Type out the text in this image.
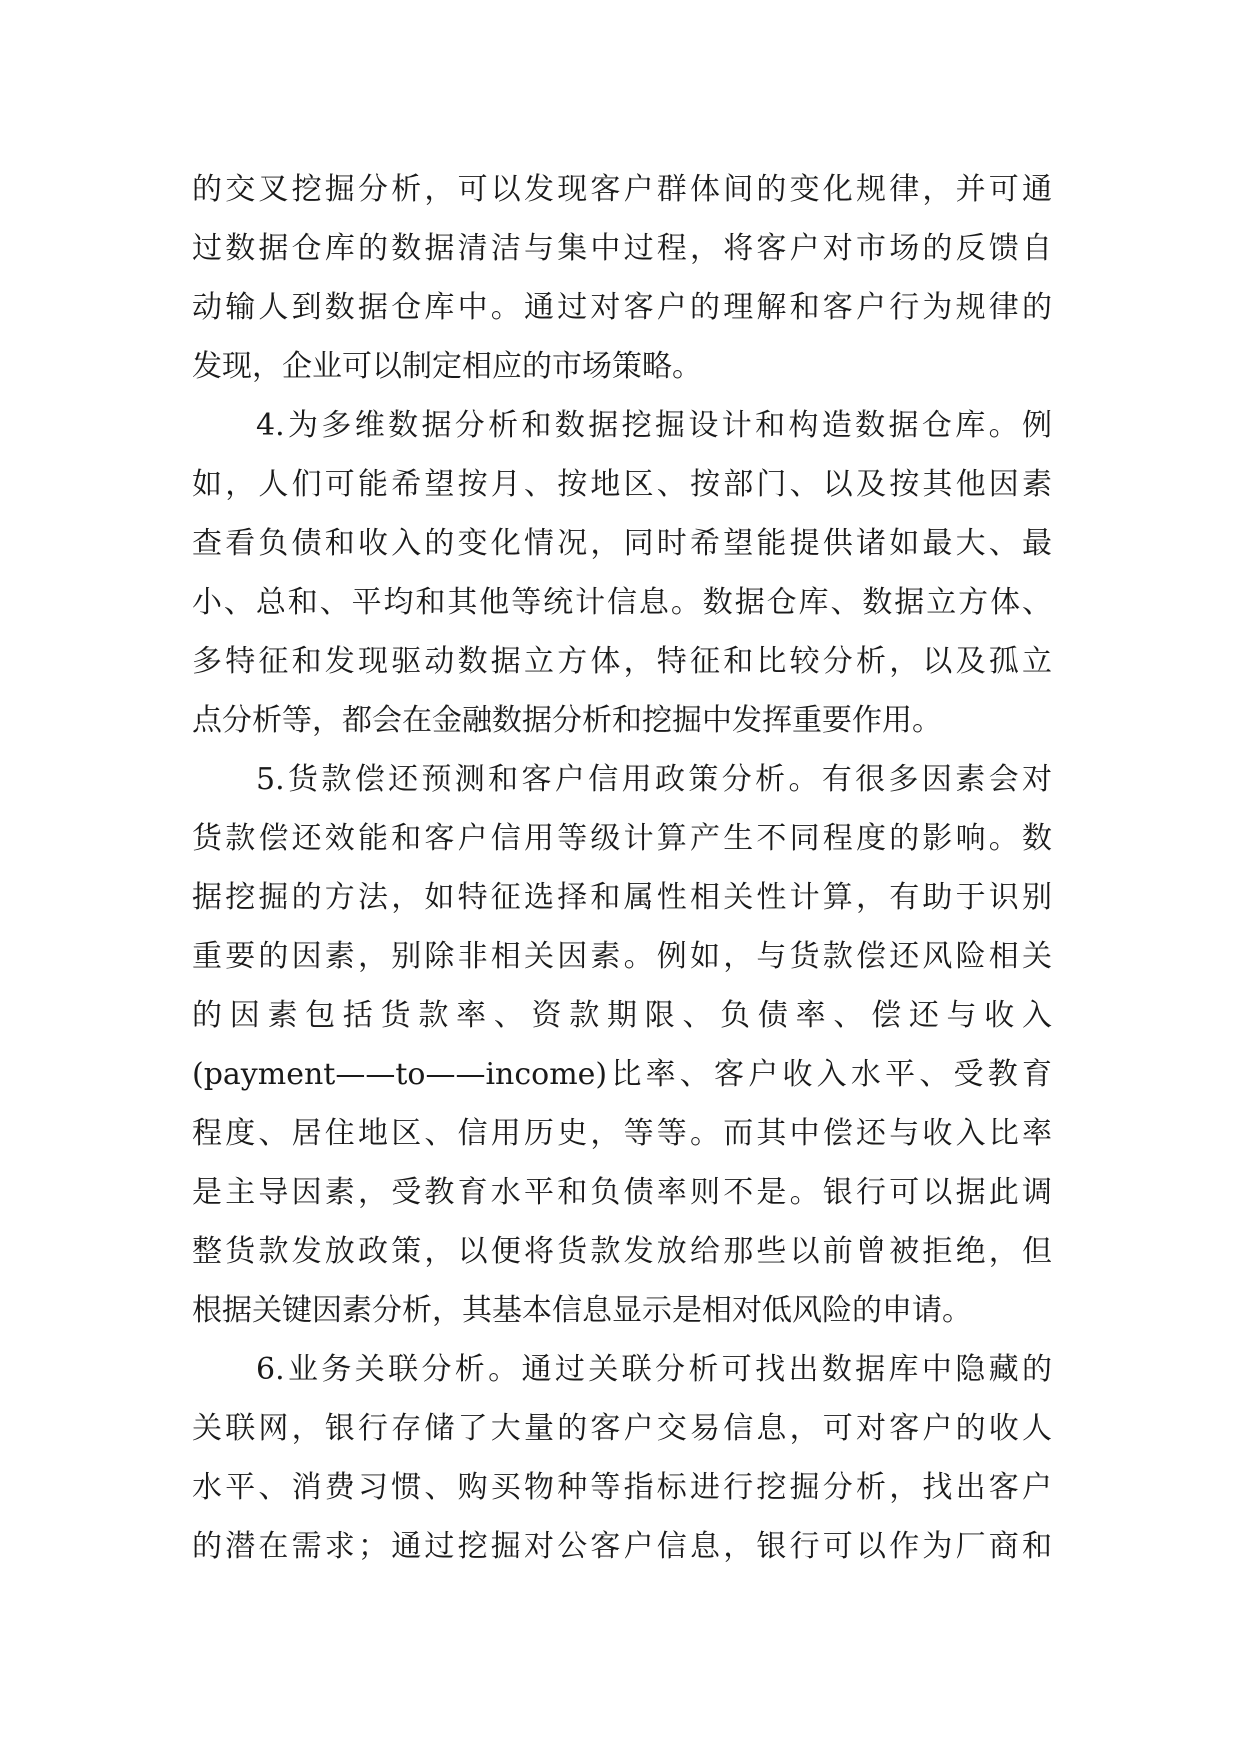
的交叉挖掘分析，可以发现客户群体间的变化规律，并可通
过数据仓库的数据清洁与集中过程，将客户对市场的反馈自
动输人到数据仓库中。通过对客户的理解和客户行为规律的
发现，企业可以制定相应的市场策略。
4.为多维数据分析和数据挖掘设计和构造数据仓库。例
如，人们可能希望按月、按地区、按部门、以及按其他因素
查看负债和收入的变化情况，同时希望能提供诸如最大、最
小、总和、平均和其他等统计信息。数据仓库、数据立方体、
多特征和发现驱动数据立方体，特征和比较分析，以及孤立
点分析等，都会在金融数据分析和挖掘中发挥重要作用。
5.货款偿还预测和客户信用政策分析。有很多因素会对
货款偿还效能和客户信用等级计算产生不同程度的影响。数
据挖掘的方法，如特征选择和属性相关性计算，有助于识别
重要的因素，别除非相关因素。例如，与货款偿还风险相关
的因素包括货款率、资款期限、负债率、偿还与收入
(payment——to——income)比率、客户收入水平、受教育
程度、居住地区、信用历史，等等。而其中偿还与收入比率
是主导因素，受教育水平和负债率则不是。银行可以据此调
整货款发放政策，以便将货款发放给那些以前曾被拒绝，但
根据关键因素分析，其基本信息显示是相对低风险的申请。
6.业务关联分析。通过关联分析可找出数据库中隐藏的
关联网，银行存储了大量的客户交易信息，可对客户的收人
水平、消费习惯、购买物种等指标进行挖掘分析，找出客户
的潜在需求；通过挖掘对公客户信息，银行可以作为厂商和
